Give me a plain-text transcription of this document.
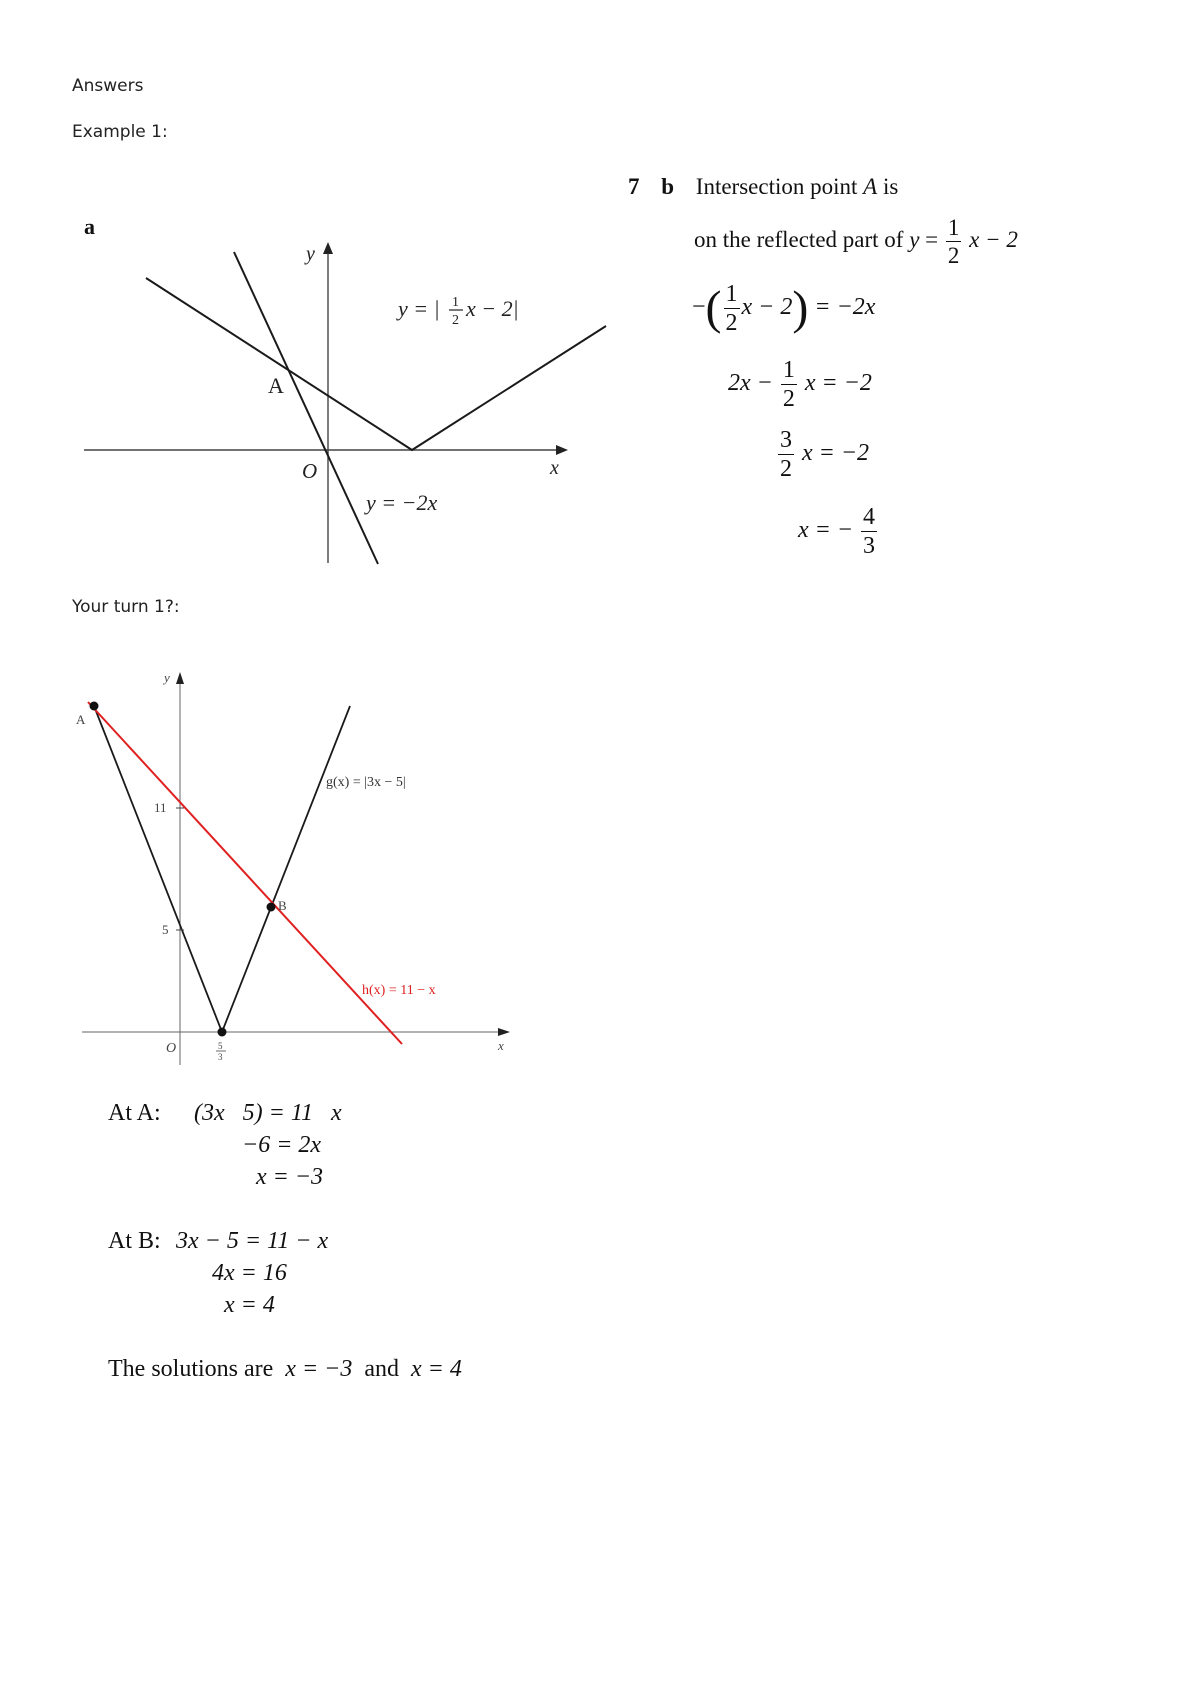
Answers
Example 1:
Your turn 1?:
a
y
x
O
A
y = | 1
2 x − 2|
y = −2x
7 b Intersection point A is
on the reflected part of $y = \frac{1}{2}$ x − 2
−( $\frac{1}{2}$ x − 2) = −2x
$2x - \frac{1}{2}$ x = −2
$\frac{3}{2}$ x = −2
x = − $\frac{4}{3}$
y
x
O
A
B
11
5
5
3
g(x) = |3x − 5|
h(x) = 11 − x
At A: (3x   5) = 11   x
−6 = 2x
x = −3
At B: 3x − 5 = 11 − x
4x = 16
x = 4
The solutions are x = −3 and x = 4
